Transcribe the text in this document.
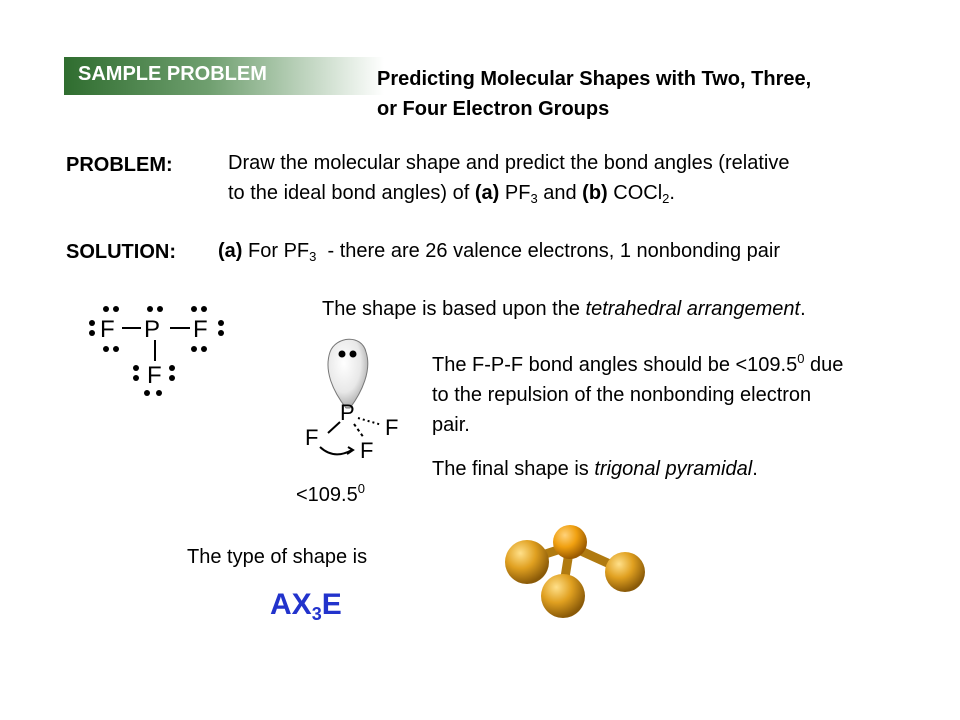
SAMPLE PROBLEM	Predicting Molecular Shapes with Two, Three,
or Four Electron Groups
PROBLEM:	Draw the molecular shape and predict the bond angles (relative
to the ideal bond angles) of (a) $PF_3$ and (b) COCl$_2$.
SOLUTION: (a) For $PF_3$  - there are 26 valence electrons, 1 nonbonding pair
F P F
F
P
F	F
F
$<109.5^0$
The shape is based upon the tetrahedral arrangement.
The F-P-F bond angles should be $<109.5^0$ due
to the repulsion of the nonbonding electron
pair.
The final shape is trigonal pyramidal.
The type of shape is
$AX_3E$
